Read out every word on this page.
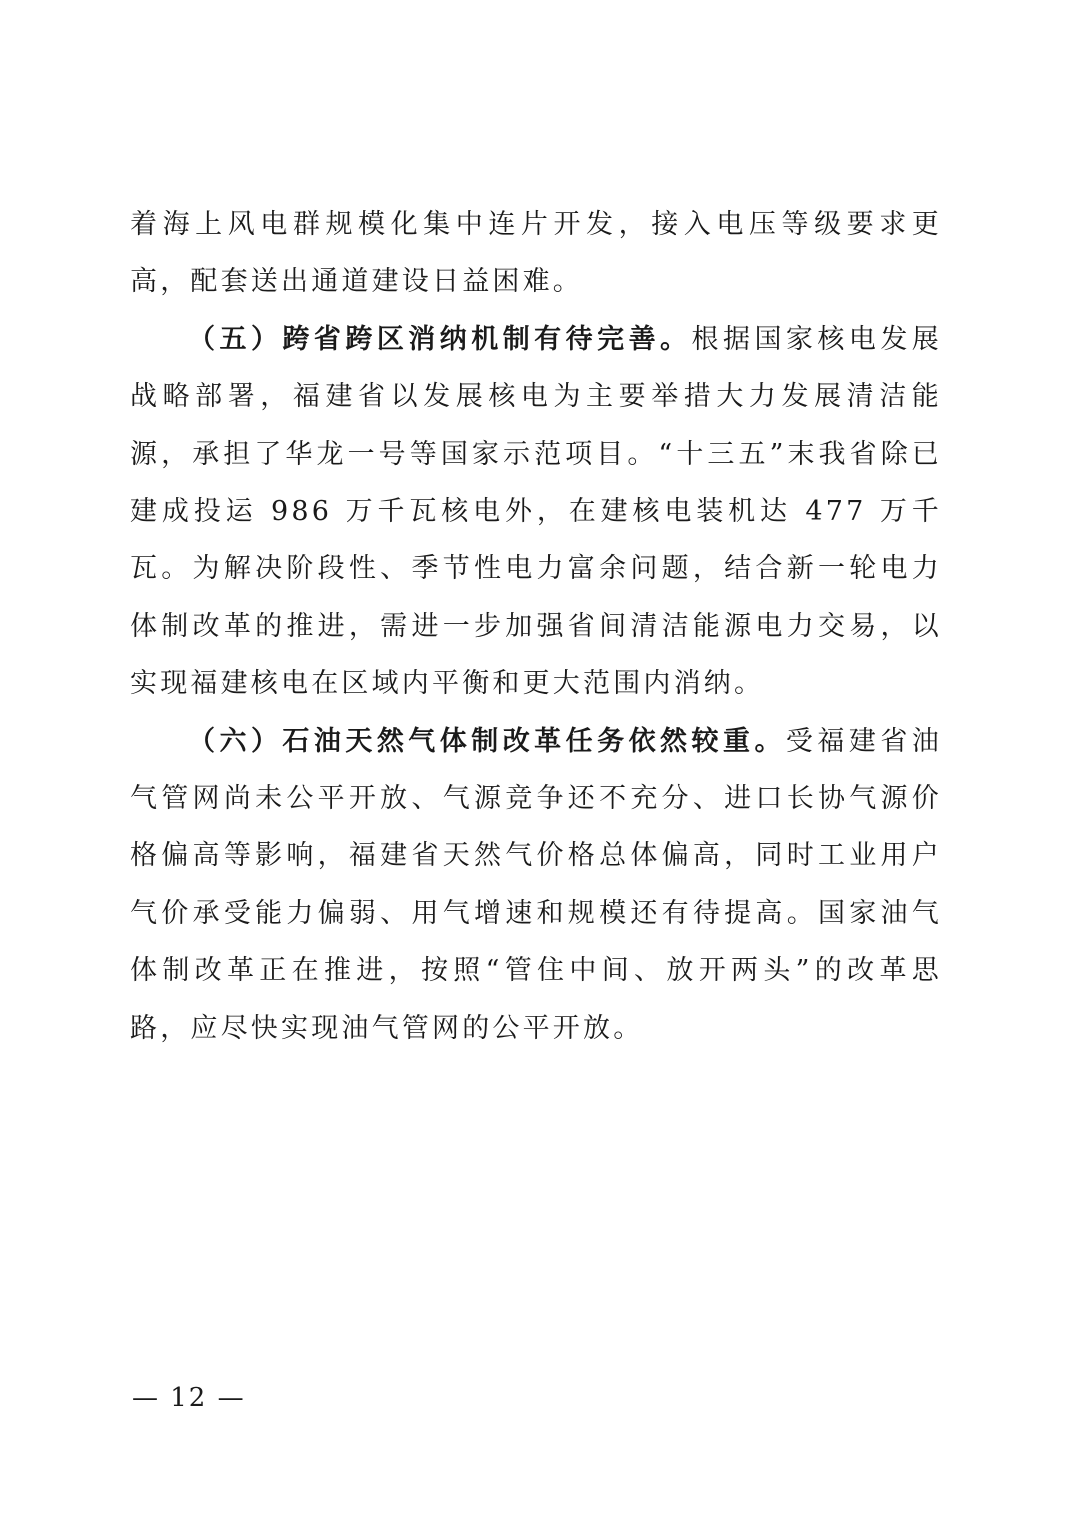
着海上风电群规模化集中连片开发，接入电压等级要求更高，配套送出通道建设日益困难。

（五）跨省跨区消纳机制有待完善。根据国家核电发展战略部署，福建省以发展核电为主要举措大力发展清洁能源，承担了华龙一号等国家示范项目。“十三五”末我省除已建成投运 986 万千瓦核电外，在建核电装机达 477 万千瓦。为解决阶段性、季节性电力富余问题，结合新一轮电力体制改革的推进，需进一步加强省间清洁能源电力交易，以实现福建核电在区域内平衡和更大范围内消纳。

（六）石油天然气体制改革任务依然较重。受福建省油气管网尚未公平开放、气源竞争还不充分、进口长协气源价格偏高等影响，福建省天然气价格总体偏高，同时工业用户气价承受能力偏弱、用气增速和规模还有待提高。国家油气体制改革正在推进，按照“管住中间、放开两头”的改革思路，应尽快实现油气管网的公平开放。

— 12 —
